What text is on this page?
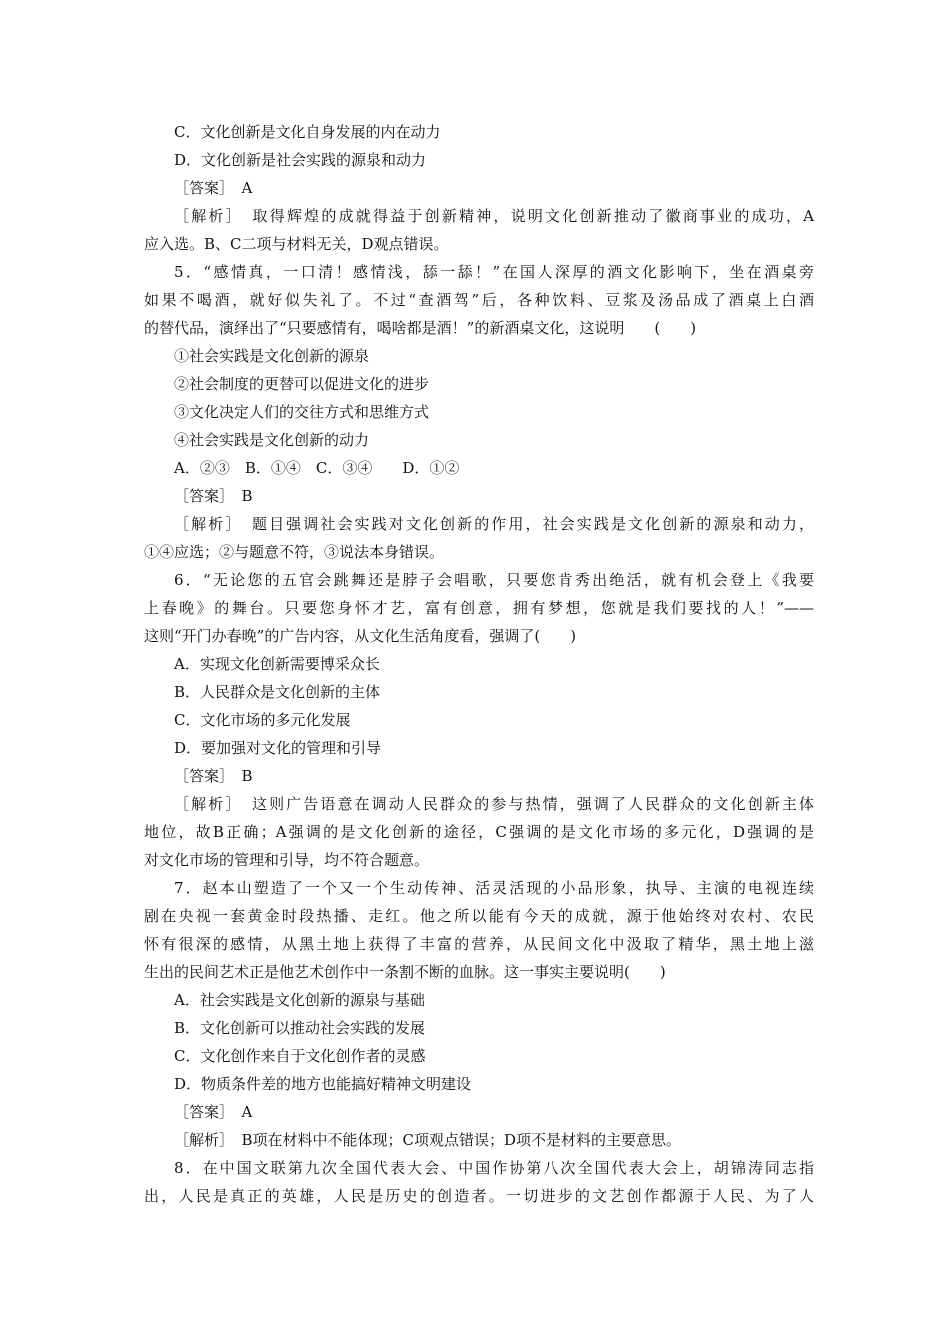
C．文化创新是文化自身发展的内在动力
D．文化创新是社会实践的源泉和动力
［答案］　A
［解析］　取得辉煌的成就得益于创新精神，说明文化创新推动了徽商事业的成功，A
应入选。B、C二项与材料无关，D观点错误。
5．“感情真，一口清！感情浅，舔一舔！”在国人深厚的酒文化影响下，坐在酒桌旁
如果不喝酒，就好似失礼了。不过“查酒驾”后，各种饮料、豆浆及汤品成了酒桌上白酒
的替代品，演绎出了“只要感情有，喝啥都是酒！”的新酒桌文化，这说明　　(　　)
①社会实践是文化创新的源泉
②社会制度的更替可以促进文化的进步
③文化决定人们的交往方式和思维方式
④社会实践是文化创新的动力
A．②③　B．①④　C．③④　　D．①②
［答案］　B
［解析］　题目强调社会实践对文化创新的作用，社会实践是文化创新的源泉和动力，
①④应选；②与题意不符，③说法本身错误。
6．“无论您的五官会跳舞还是脖子会唱歌，只要您肯秀出绝活，就有机会登上《我要
上春晚》的舞台。只要您身怀才艺，富有创意，拥有梦想，您就是我们要找的人！”——
这则“开门办春晚”的广告内容，从文化生活角度看，强调了(　　)
A．实现文化创新需要博采众长
B．人民群众是文化创新的主体
C．文化市场的多元化发展
D．要加强对文化的管理和引导
［答案］　B
［解析］　这则广告语意在调动人民群众的参与热情，强调了人民群众的文化创新主体
地位，故B正确；A强调的是文化创新的途径，C强调的是文化市场的多元化，D强调的是
对文化市场的管理和引导，均不符合题意。
7．赵本山塑造了一个又一个生动传神、活灵活现的小品形象，执导、主演的电视连续
剧在央视一套黄金时段热播、走红。他之所以能有今天的成就，源于他始终对农村、农民
怀有很深的感情，从黑土地上获得了丰富的营养，从民间文化中汲取了精华，黑土地上滋
生出的民间艺术正是他艺术创作中一条割不断的血脉。这一事实主要说明(　　)
A．社会实践是文化创新的源泉与基础
B．文化创新可以推动社会实践的发展
C．文化创作来自于文化创作者的灵感
D．物质条件差的地方也能搞好精神文明建设
［答案］　A
［解析］　B项在材料中不能体现；C项观点错误；D项不是材料的主要意思。
8．在中国文联第九次全国代表大会、中国作协第八次全国代表大会上，胡锦涛同志指
出，人民是真正的英雄，人民是历史的创造者。一切进步的文艺创作都源于人民、为了人
